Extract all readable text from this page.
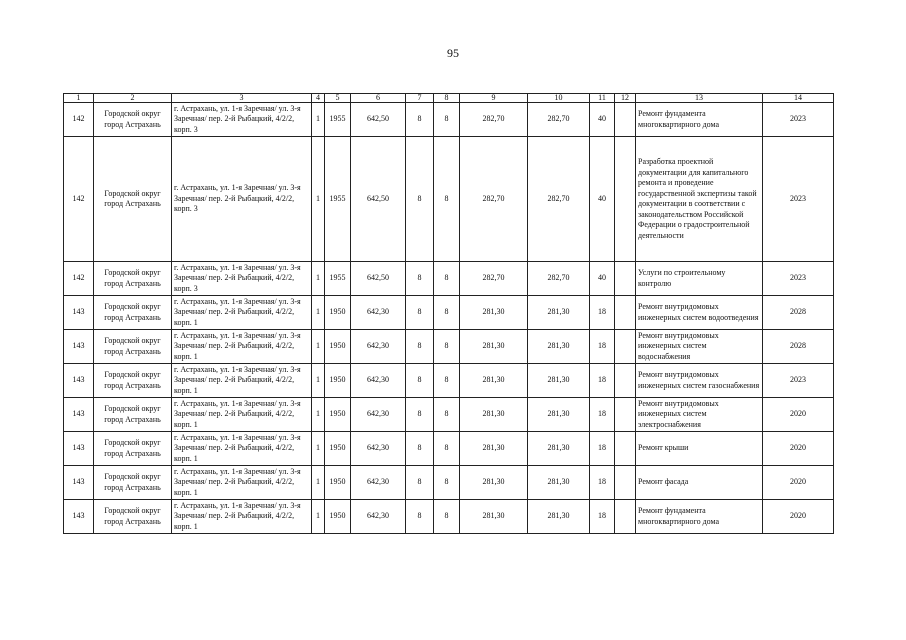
95
1	2	3	4	5	6	7	8	9	10	11	12	13	14
142	Городской округ город Астрахань	г. Астрахань, ул. 1-я Заречная/ ул. 3-я Заречная/ пер. 2-й Рыбацкий, 4/2/2, корп. 3	1	1955	642,50	8	8	282,70	282,70	40		Ремонт фундамента многоквартирного дома	2023
142	Городской округ город Астрахань	г. Астрахань, ул. 1-я Заречная/ ул. 3-я Заречная/ пер. 2-й Рыбацкий, 4/2/2, корп. 3	1	1955	642,50	8	8	282,70	282,70	40		Разработка проектной документации для капитального ремонта и проведение государственной экспертизы такой документации в соответствии с законодательством Российской Федерации о градостроительной деятельности	2023
142	Городской округ город Астрахань	г. Астрахань, ул. 1-я Заречная/ ул. 3-я Заречная/ пер. 2-й Рыбацкий, 4/2/2, корп. 3	1	1955	642,50	8	8	282,70	282,70	40		Услуги по строительному контролю	2023
143	Городской округ город Астрахань	г. Астрахань, ул. 1-я Заречная/ ул. 3-я Заречная/ пер. 2-й Рыбацкий, 4/2/2, корп. 1	1	1950	642,30	8	8	281,30	281,30	18		Ремонт внутридомовых инженерных систем водоотведения	2028
143	Городской округ город Астрахань	г. Астрахань, ул. 1-я Заречная/ ул. 3-я Заречная/ пер. 2-й Рыбацкий, 4/2/2, корп. 1	1	1950	642,30	8	8	281,30	281,30	18		Ремонт внутридомовых инженерных систем водоснабжения	2028
143	Городской округ город Астрахань	г. Астрахань, ул. 1-я Заречная/ ул. 3-я Заречная/ пер. 2-й Рыбацкий, 4/2/2, корп. 1	1	1950	642,30	8	8	281,30	281,30	18		Ремонт внутридомовых инженерных систем газоснабжения	2023
143	Городской округ город Астрахань	г. Астрахань, ул. 1-я Заречная/ ул. 3-я Заречная/ пер. 2-й Рыбацкий, 4/2/2, корп. 1	1	1950	642,30	8	8	281,30	281,30	18		Ремонт внутридомовых инженерных систем электроснабжения	2020
143	Городской округ город Астрахань	г. Астрахань, ул. 1-я Заречная/ ул. 3-я Заречная/ пер. 2-й Рыбацкий, 4/2/2, корп. 1	1	1950	642,30	8	8	281,30	281,30	18		Ремонт крыши	2020
143	Городской округ город Астрахань	г. Астрахань, ул. 1-я Заречная/ ул. 3-я Заречная/ пер. 2-й Рыбацкий, 4/2/2, корп. 1	1	1950	642,30	8	8	281,30	281,30	18		Ремонт фасада	2020
143	Городской округ город Астрахань	г. Астрахань, ул. 1-я Заречная/ ул. 3-я Заречная/ пер. 2-й Рыбацкий, 4/2/2, корп. 1	1	1950	642,30	8	8	281,30	281,30	18		Ремонт фундамента многоквартирного дома	2020
